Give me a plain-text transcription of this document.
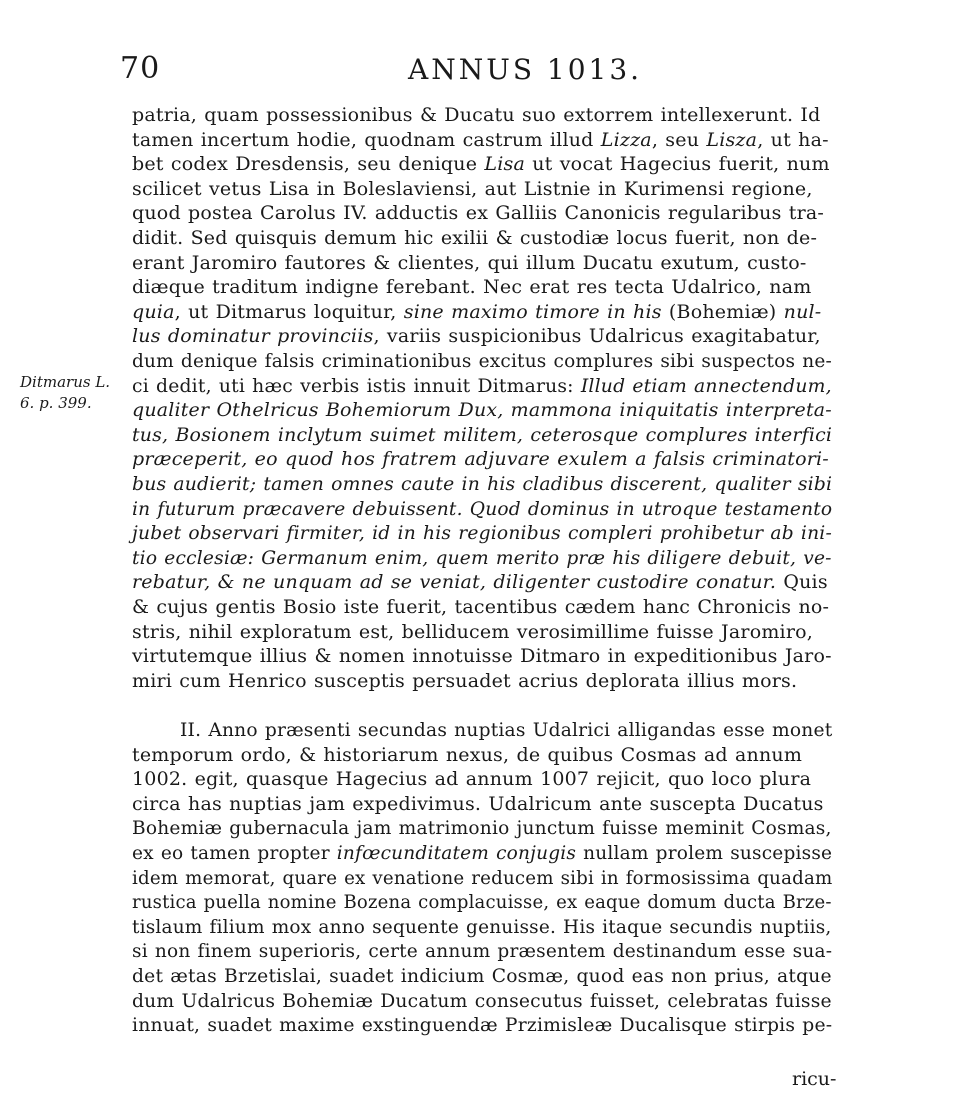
70	ANNUS 1013.
Ditmarus L.
6. p. 399.
patria, quam possessionibus & Ducatu suo extorrem intellexerunt. Id
tamen incertum hodie, quodnam castrum illud Lizza, seu Lisza, ut ha-
bet codex Dresdensis, seu denique Lisa ut vocat Hagecius fuerit, num
scilicet vetus Lisa in Boleslaviensi, aut Listnie in Kurimensi regione,
quod postea Carolus IV. adductis ex Galliis Canonicis regularibus tra-
didit. Sed quisquis demum hic exilii & custodiæ locus fuerit, non de-
erant Jaromiro fautores & clientes, qui illum Ducatu exutum, custo-
diæque traditum indigne ferebant. Nec erat res tecta Udalrico, nam
quia, ut Ditmarus loquitur, sine maximo timore in his (Bohemiæ) nul-
lus dominatur provinciis, variis suspicionibus Udalricus exagitabatur,
dum denique falsis criminationibus excitus complures sibi suspectos ne-
ci dedit, uti hæc verbis istis innuit Ditmarus: Illud etiam annectendum,
qualiter Othelricus Bohemiorum Dux, mammona iniquitatis interpreta-
tus, Bosionem inclytum suimet militem, ceterosque complures interfici
præceperit, eo quod hos fratrem adjuvare exulem a falsis criminatori-
bus audierit; tamen omnes caute in his cladibus discerent, qualiter sibi
in futurum præcavere debuissent. Quod dominus in utroque testamento
jubet observari firmiter, id in his regionibus compleri prohibetur ab ini-
tio ecclesiæ: Germanum enim, quem merito præ his diligere debuit, ve-
rebatur, & ne unquam ad se veniat, diligenter custodire conatur. Quis
& cujus gentis Bosio iste fuerit, tacentibus cædem hanc Chronicis no-
stris, nihil exploratum est, belliducem verosimillime fuisse Jaromiro,
virtutemque illius & nomen innotuisse Ditmaro in expeditionibus Jaro-
miri cum Henrico susceptis persuadet acrius deplorata illius mors.
II. Anno præsenti secundas nuptias Udalrici alligandas esse monet
temporum ordo, & historiarum nexus, de quibus Cosmas ad annum
1002. egit, quasque Hagecius ad annum 1007 rejicit, quo loco plura
circa has nuptias jam expedivimus. Udalricum ante suscepta Ducatus
Bohemiæ gubernacula jam matrimonio junctum fuisse meminit Cosmas,
ex eo tamen propter infœcunditatem conjugis nullam prolem suscepisse
idem memorat, quare ex venatione reducem sibi in formosissima quadam
rustica puella nomine Bozena complacuisse, ex eaque domum ducta Brze-
tislaum filium mox anno sequente genuisse. His itaque secundis nuptiis,
si non finem superioris, certe annum præsentem destinandum esse sua-
det ætas Brzetislai, suadet indicium Cosmæ, quod eas non prius, atque
dum Udalricus Bohemiæ Ducatum consecutus fuisset, celebratas fuisse
innuat, suadet maxime exstinguendæ Przimisleæ Ducalisque stirpis pe-
ricu-
